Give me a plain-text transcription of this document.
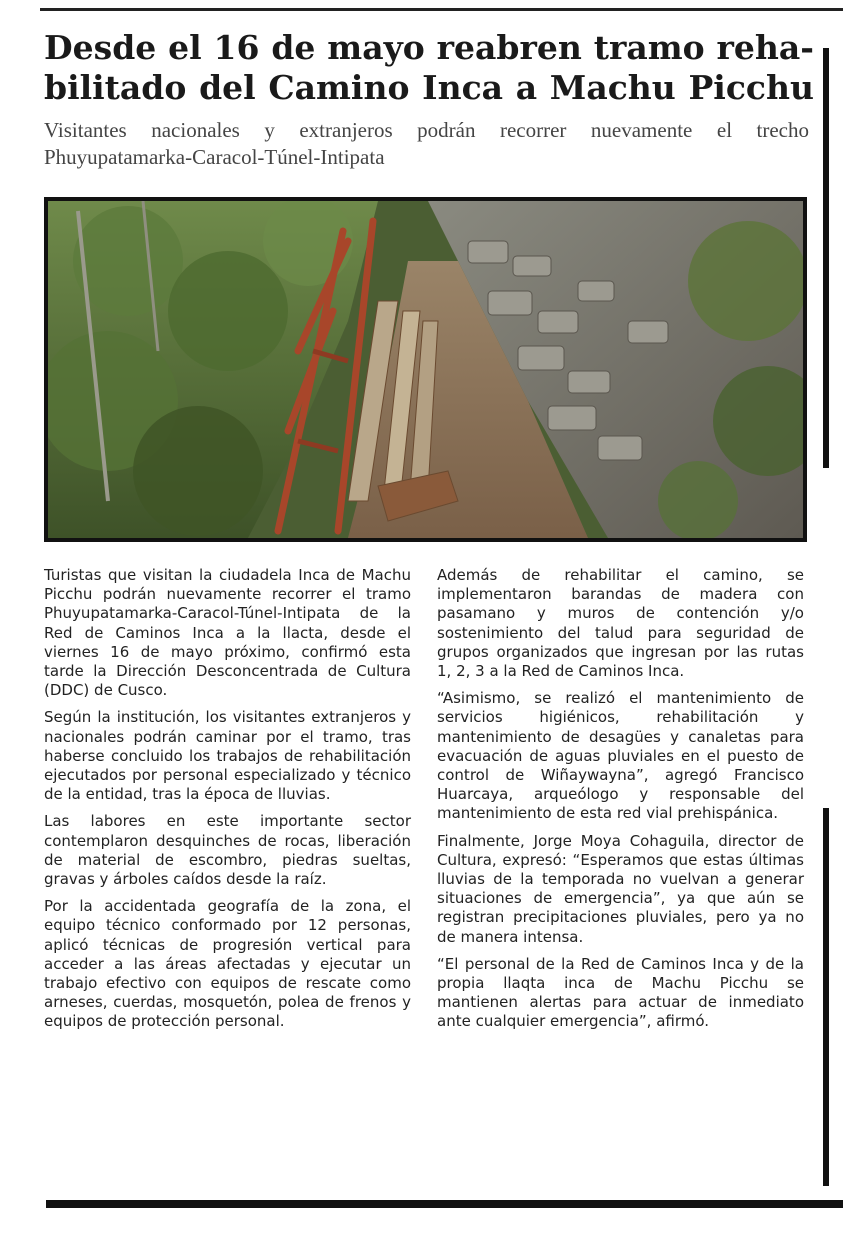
Desde el 16 de mayo reabren tramo reha-
bilitado del Camino Inca a Machu Picchu

Visitantes nacionales y extranjeros podrán recorrer nuevamente el trecho
Phuyupatamarka-Caracol-Túnel-Intipata

Turistas que visitan la ciudadela Inca de Machu Picchu podrán nuevamente recorrer el tramo Phuyupatamarka-Caracol-Túnel-Intipata de la Red de Caminos Inca a la llacta, desde el viernes 16 de mayo próximo, confirmó esta tarde la Dirección Desconcentrada de Cultura (DDC) de Cusco.

Según la institución, los visitantes extranjeros y nacionales podrán caminar por el tramo, tras haberse concluido los trabajos de rehabilitación ejecutados por personal especializado y técnico de la entidad, tras la época de lluvias.

Las labores en este importante sector contemplaron desquinches de rocas, liberación de material de escombro, piedras sueltas, gravas y árboles caídos desde la raíz.

Por la accidentada geografía de la zona, el equipo técnico conformado por 12 personas, aplicó técnicas de progresión vertical para acceder a las áreas afectadas y ejecutar un trabajo efectivo con equipos de rescate como arneses, cuerdas, mosquetón, polea de frenos y equipos de protección personal.

Además de rehabilitar el camino, se implementaron barandas de madera con pasamano y muros de contención y/o sostenimiento del talud para seguridad de grupos organizados que ingresan por las rutas 1, 2, 3 a la Red de Caminos Inca.

“Asimismo, se realizó el mantenimiento de servicios higiénicos, rehabilitación y mantenimiento de desagües y canaletas para evacuación de aguas pluviales en el puesto de control de Wiñaywayna”, agregó Francisco Huarcaya, arqueólogo y responsable del mantenimiento de esta red vial prehispánica.

Finalmente, Jorge Moya Cohaguila, director de Cultura, expresó: “Esperamos que estas últimas lluvias de la temporada no vuelvan a generar situaciones de emergencia”, ya que aún se registran precipitaciones pluviales, pero ya no de manera intensa.

“El personal de la Red de Caminos Inca y de la propia llaqta inca de Machu Picchu se mantienen alertas para actuar de inmediato ante cualquier emergencia”, afirmó.
